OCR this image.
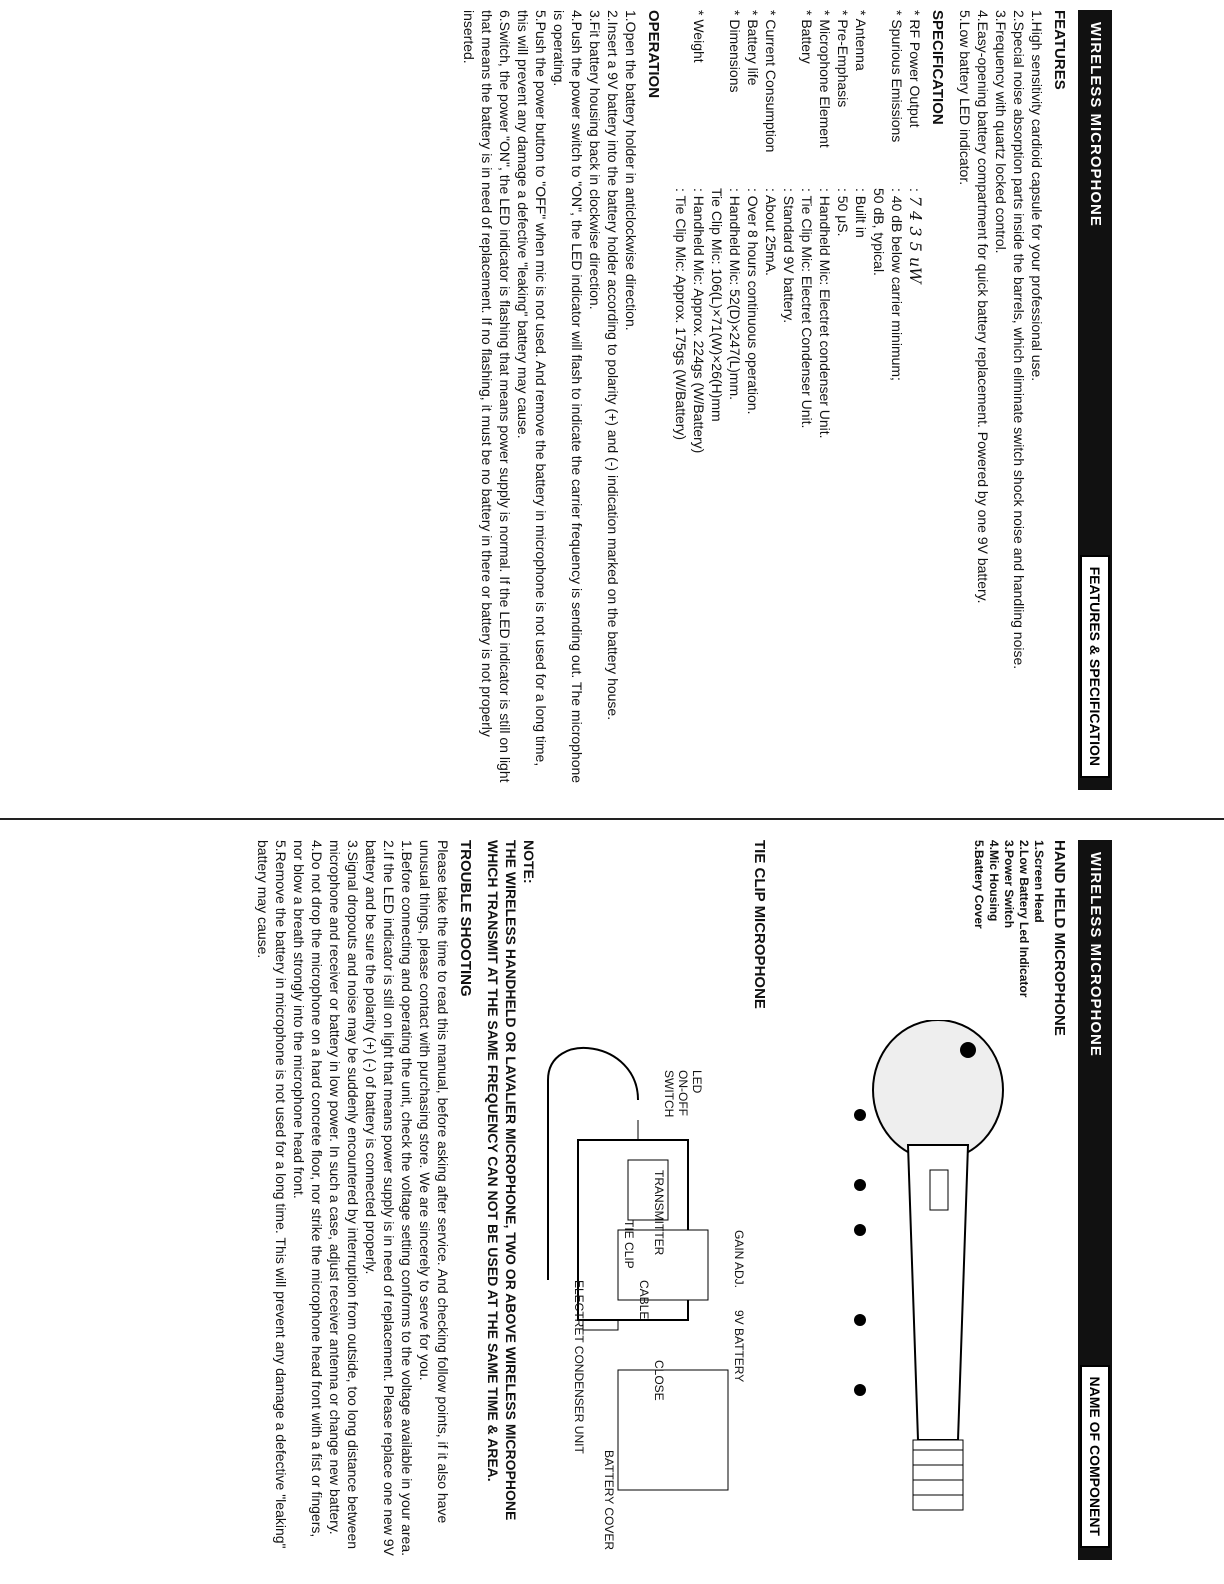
WIRELESS MICROPHONE
FEATURES & SPECIFICATION
FEATURES
1.High sensitivity cardioid capsule for your professional use.
2.Special noise absorption parts inside the barrels, which eliminate switch shock noise and handling noise.
3.Frequency with quartz locked control.
4.Easy-opening battery compartment for quick battery replacement. Powered by one 9V battery.
5.Low battery LED indicator.
SPECIFICATION
* RF Power Output
: 7 4 3 5 uW
* Spurious Emissions
: 40 dB below carrier minimum;
50 dB, typical.
* Antenna
: Built in
* Pre-Emphasis
: 50 μS.
* Microphone Element
: Handheld Mic: Electret condenser Unit.
* Battery
: Tie Clip Mic: Electret Condenser Unit.
: Standard 9V battery.
* Current Consumption
: About 25mA.
* Battery life
: Over 8 hours continuous operation.
* Dimensions
: Handheld Mic: 52(D)×247(L)mm.
Tie Clip Mic: 106(L)×71(W)×26(H)mm
* Weight
: Handheld Mic: Approx. 224gs (W/Battery)
: Tie Clip Mic: Approx. 175gs (W/Battery)
OPERATION
1.Open the battery holder in anticlockwise direction.
2.Insert a 9V battery into the battery holder according to polarity (+) and (-) indication marked on the battery house.
3.Fit battery housing back in clockwise direction.
4.Push the power switch to "ON", the LED indicator will flash to indicate the carrier frequency is sending out. The microphone is operating.
5.Push the power button to "OFF" when mic is not used. And remove the battery in microphone is not used for a long time, this will prevent any damage a defective "leaking" battery may cause.
6.Switch, the power "ON", the LED indicator is flashing that means power supply is normal. If the LED indicator is still on light that means the battery is in need of replacement. If no flashing, it must be no battery in there or battery is not properly inserted.
WIRELESS MICROPHONE
NAME OF COMPONENT
HAND HELD MICROPHONE
1.Screen Head
2.Low Battery Led Indicator
3.Power Switch
4.Mic Housing
5.Battery Cover
TIE CLIP MICROPHONE
GAIN ADJ.
9V BATTERY
LED
ON-OFF
SWITCH
TRANSMITTER
CABLE
CLOSE
TIE CLIP
ELECTRET CONDENSER UNIT
BATTERY COVER
NOTE:
THE WIRELESS HANDHELD OR LAVALIER MICROPHONE, TWO OR ABOVE WIRELESS MICROPHONE WHICH TRANSMIT AT THE SAME FREQUENCY CAN NOT BE USED AT THE SAME TIME & AREA.
TROUBLE SHOOTING
Please take the time to read this manual, before asking after service. And checking follow points, if it also have unusual things, please contact with purchasing store. We are sincerely to serve for you.
1.Before connecting and operating the unit, check the voltage setting conforms to the voltage available in your area.
2.If the LED indicator is still on light that means power supply is in need of replacement. Please replace one new 9V battery and be sure the polarity (+) (-) of battery is connected properly.
3.Signal dropouts and noise may be suddenly encountered by interruption from outside, too long distance between microphone and receiver or battery in low power. In such a case, adjust receiver antenna or change new battery.
4.Do not drop the microphone on a hard concrete floor, nor strike the microphone head front with a fist or fingers, nor blow a breath strongly into the microphone head front.
5.Remove the battery in microphone is not used for a long time. This will prevent any damage a defective "leaking" battery may cause.
